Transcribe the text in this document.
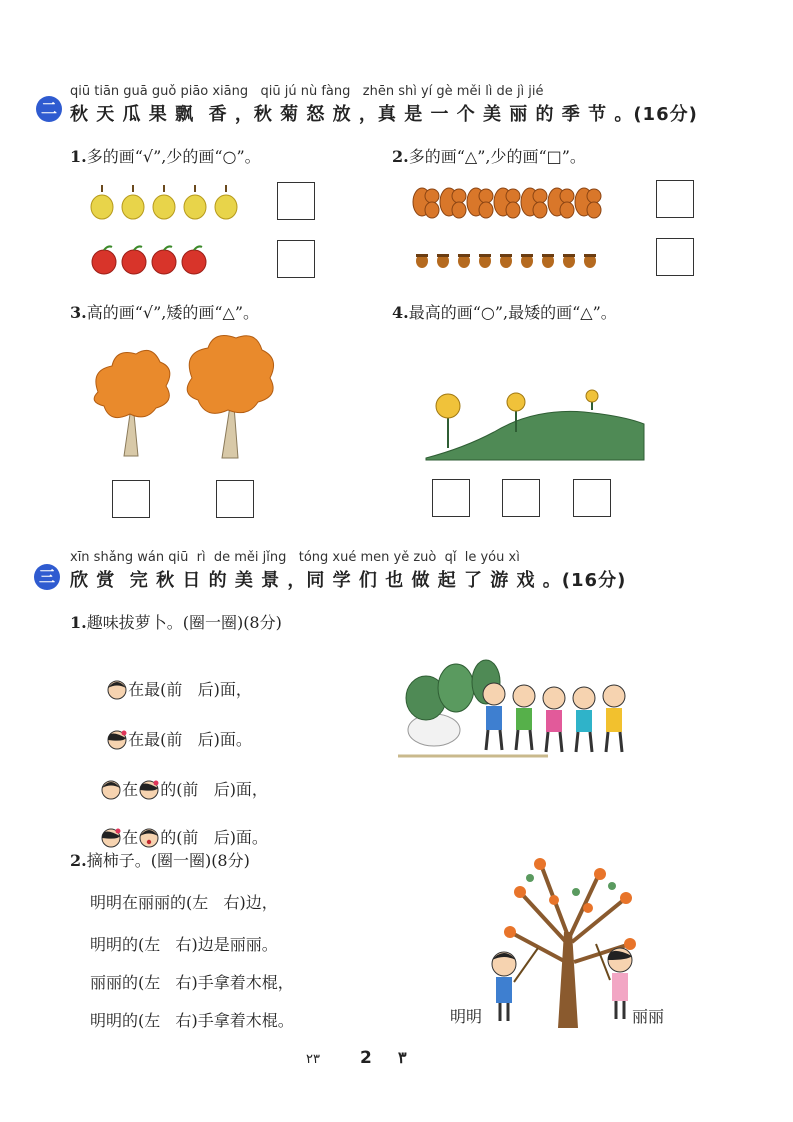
qiū tiān guā guǒ piāo xiāng   qiū jú nù fàng   zhēn shì yí gè měi lì de jì jié
二 秋 天 瓜 果 飘  香 ，秋 菊 怒 放 ，真 是 一 个 美 丽 的 季 节 。(16分)
1.多的画“√”,少的画“○”。	2.多的画“△”,少的画“□”。
3.高的画“√”,矮的画“△”。	4.最高的画“○”,最矮的画“△”。
xīn shǎng wán qiū  rì  de měi jǐng   tóng xué men yě zuò  qǐ  le yóu xì
三 欣 赏  完 秋 日 的 美 景 ，同 学 们 也 做 起 了 游 戏 。(16分)
1.趣味拔萝卜。(圈一圈)(8分)

在最(前   后)面，

在最(前   后)面。

在 的(前   后)面，

在 的(前   后)面。

2.摘柿子。(圈一圈)(8分)
明明在丽丽的(左   右)边，
明明的(左   右)边是丽丽。
丽丽的(左   右)手拿着木棍，
明明的(左   右)手拿着木棍。	明明	丽丽
٢٣ 2 ٣
